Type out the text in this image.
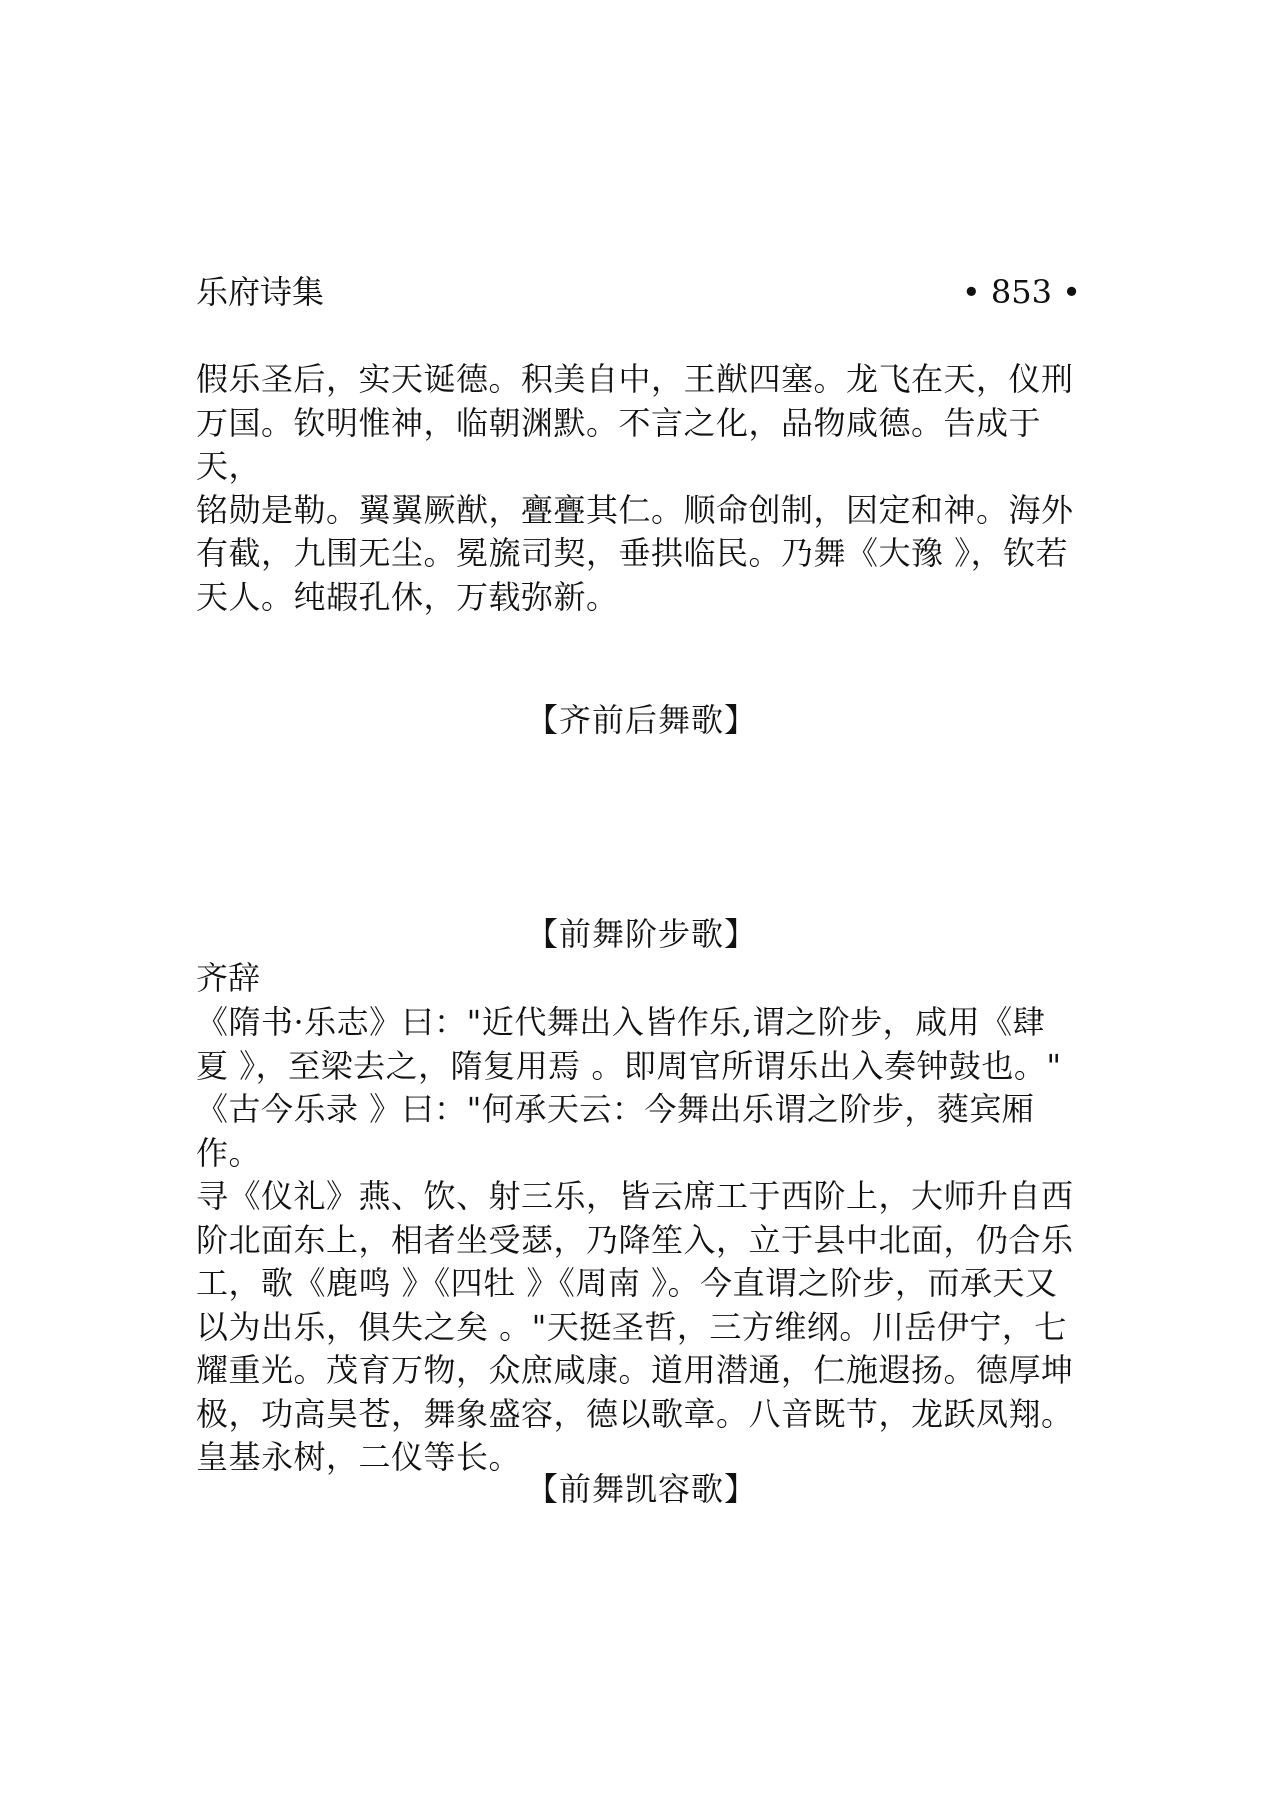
乐府诗集	• 853 •

假乐圣后，实天诞德。积美自中，王猷四塞。龙飞在天，仪刑
万国。钦明惟神，临朝渊默。不言之化，品物咸德。告成于天，
铭勋是勒。翼翼厥猷，亹亹其仁。顺命创制，因定和神。海外
有截，九围无尘。冕旒司契，垂拱临民。乃舞《大豫 》，钦若
天人。纯嘏孔休，万载弥新。

【齐前后舞歌】
【前舞阶步歌】

齐辞

《隋书·乐志》曰："近代舞出入皆作乐,谓之阶步，咸用《肆
夏 》，至梁去之，隋复用焉 。即周官所谓乐出入奏钟鼓也。"
《古今乐录 》曰："何承天云：今舞出乐谓之阶步，蕤宾厢作。
寻《仪礼》燕、饮、射三乐，皆云席工于西阶上，大师升自西
阶北面东上，相者坐受瑟，乃降笙入，立于县中北面，仍合乐
工，歌《鹿鸣 》《四牡 》《周南 》。今直谓之阶步，而承天又
以为出乐，俱失之矣 。"天挺圣哲，三方维纲。川岳伊宁，七
耀重光。茂育万物，众庶咸康。道用潜通，仁施遐扬。德厚坤
极，功高昊苍，舞象盛容，德以歌章。八音既节，龙跃凤翔。
皇基永树，二仪等长。

【前舞凯容歌】
